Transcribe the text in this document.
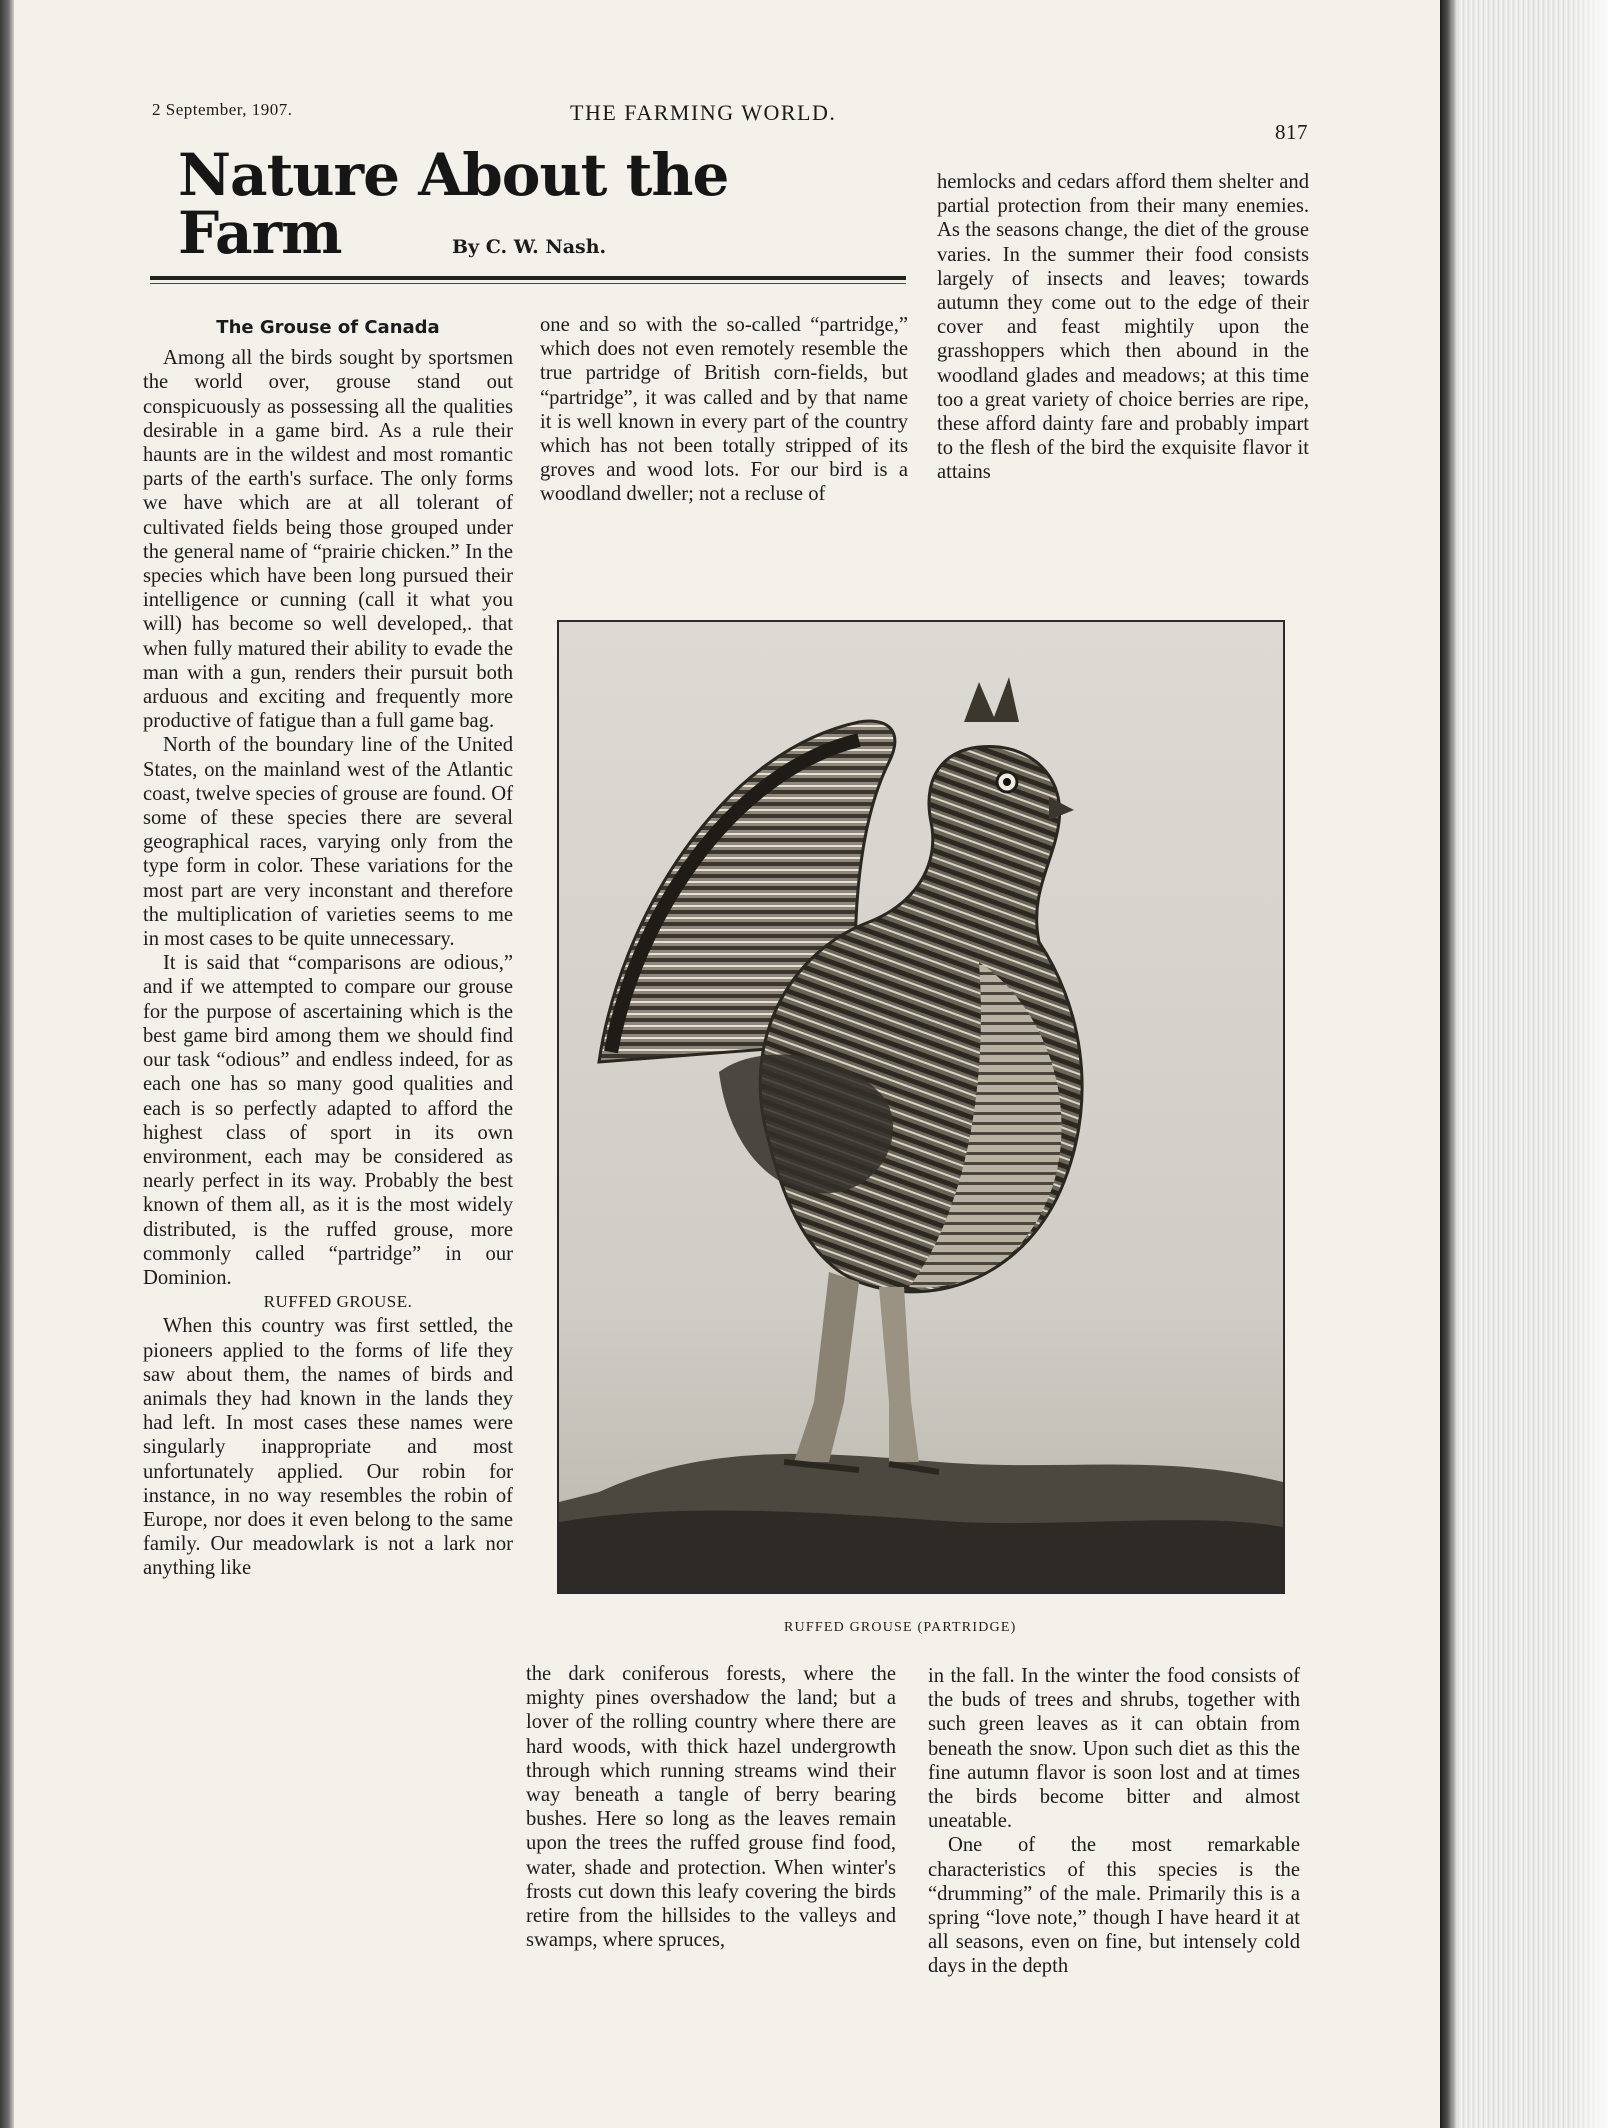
2 September, 1907.	THE FARMING WORLD.
817
Nature About the Farm	By C. W. Nash.

The Grouse of Canada

Among all the birds sought by sportsmen the world over, grouse stand out conspicuously as possessing all the qualities desirable in a game bird. As a rule their haunts are in the wildest and most romantic parts of the earth's surface. The only forms we have which are at all tolerant of cultivated fields being those grouped under the general name of “prairie chicken.” In the species which have been long pursued their intelligence or cunning (call it what you will) has become so well developed,. that when fully matured their ability to evade the man with a gun, renders their pursuit both arduous and exciting and frequently more productive of fatigue than a full game bag.

North of the boundary line of the United States, on the mainland west of the Atlantic coast, twelve species of grouse are found. Of some of these species there are several geographical races, varying only from the type form in color. These variations for the most part are very inconstant and therefore the multiplication of varieties seems to me in most cases to be quite unnecessary.

It is said that “comparisons are odious,” and if we attempted to compare our grouse for the purpose of ascertaining which is the best game bird among them we should find our task “odious” and endless indeed, for as each one has so many good qualities and each is so perfectly adapted to afford the highest class of sport in its own environment, each may be considered as nearly perfect in its way. Probably the best known of them all, as it is the most widely distributed, is the ruffed grouse, more commonly called “partridge” in our Dominion.

RUFFED GROUSE.

When this country was first settled, the pioneers applied to the forms of life they saw about them, the names of birds and animals they had known in the lands they had left. In most cases these names were singularly inappropriate and most unfortunately applied. Our robin for instance, in no way resembles the robin of Europe, nor does it even belong to the same family. Our meadowlark is not a lark nor anything like

one and so with the so-called “partridge,” which does not even remotely resemble the true partridge of British corn-fields, but “partridge”, it was called and by that name it is well known in every part of the country which has not been totally stripped of its groves and wood lots. For our bird is a woodland dweller; not a recluse of

hemlocks and cedars afford them shelter and partial protection from their many enemies. As the seasons change, the diet of the grouse varies. In the summer their food consists largely of insects and leaves; towards autumn they come out to the edge of their cover and feast mightily upon the grasshoppers which then abound in the woodland glades and meadows; at this time too a great variety of choice berries are ripe, these afford dainty fare and probably impart to the flesh of the bird the exquisite flavor it attains

RUFFED GROUSE (PARTRIDGE)

the dark coniferous forests, where the mighty pines overshadow the land; but a lover of the rolling country where there are hard woods, with thick hazel undergrowth through which running streams wind their way beneath a tangle of berry bearing bushes. Here so long as the leaves remain upon the trees the ruffed grouse find food, water, shade and protection. When winter's frosts cut down this leafy covering the birds retire from the hillsides to the valleys and swamps, where spruces,

in the fall. In the winter the food consists of the buds of trees and shrubs, together with such green leaves as it can obtain from beneath the snow. Upon such diet as this the fine autumn flavor is soon lost and at times the birds become bitter and almost uneatable.

One of the most remarkable characteristics of this species is the “drumming” of the male. Primarily this is a spring “love note,” though I have heard it at all seasons, even on fine, but intensely cold days in the depth
